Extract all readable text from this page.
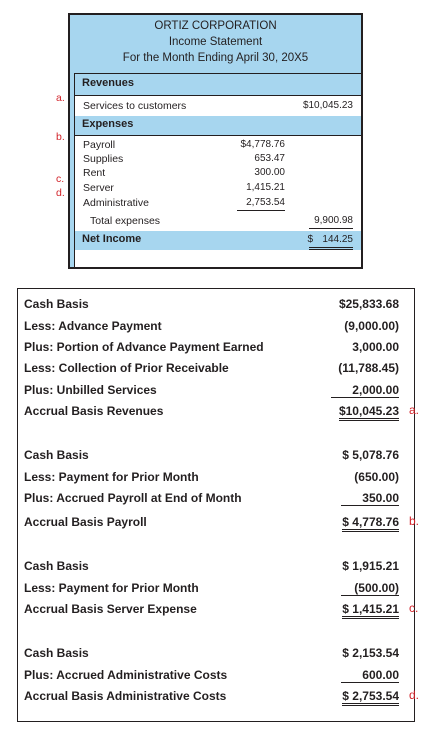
ORTIZ CORPORATION
Income Statement
For the Month Ending April 30, 20X5
Revenues
Services to customers	$10,045.23
Expenses
Payroll	$4,778.76
Supplies	653.47
Rent	300.00
Server	1,415.21
Administrative	2,753.54
Total expenses	9,900.98
Net Income	$ 144.25
a.
b.
c.
d.
Cash Basis	$25,833.68
Less: Advance Payment	(9,000.00)
Plus: Portion of Advance Payment Earned	3,000.00
Less: Collection of Prior Receivable	(11,788.45)
Plus: Unbilled Services	2,000.00
Accrual Basis Revenues	$10,045.23 a.
Cash Basis	$ 5,078.76
Less: Payment for Prior Month	(650.00)
Plus: Accrued Payroll at End of Month	350.00
Accrual Basis Payroll	$ 4,778.76 b.
Cash Basis	$ 1,915.21
Less: Payment for Prior Month	(500.00)
Accrual Basis Server Expense	$ 1,415.21 c.
Cash Basis	$ 2,153.54
Plus: Accrued Administrative Costs	600.00
Accrual Basis Administrative Costs	$ 2,753.54 d.
